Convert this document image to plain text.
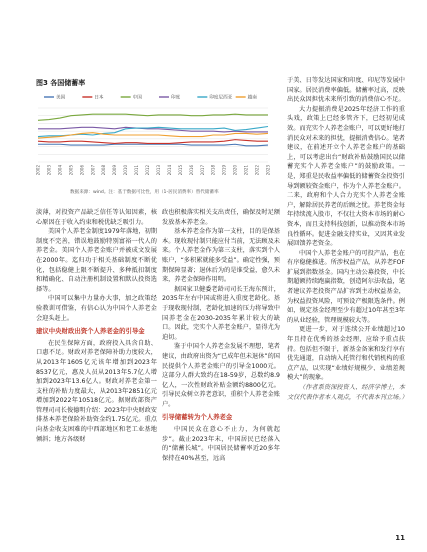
图3 各国储蓄率
美国	日本	中国	印度	印度尼西亚	越南
2002 2003 2004 2005 2006 2007 2008 2009 2010 2011 2012 2013 2014 2015 2016 2017 2018 2019 2020 2021 2022 2023
数据来源：wind。注：基于数据可比性，用（1-居民消费率）替代储蓄率

淡薄，对投资产品缺乏信任等认知因素，核心原因在于收入约束和税优缺乏吸引力。

美国个人养老金制度1979年落地，初期制度不完善，错误地鼓励特别富裕一代人的养老金。美国个人养老金账户并被成文发展在2000年。迄归功于相关基础制度不断优化，包括稳健上限不断提升、多种抵扣制度和精确化、自动注册机制设置和默认投资选择等。

中国可以集中力量办大事，加之政策经验教训可借鉴，有信心认为中国个人养老金会迎头赶上。

建议中央财政出资个人养老金的引导金

在民生保障方面，政府投入具含自助、口惠不足。财政对养老保障补助力度较大，从2013年1605亿元该年增加到2023年8537亿元，惠及人员从2013年5.7亿人增加到2023年13.6亿人。财政对养老金第一支柱的补贴力度最大，从2013年2851亿元增加到2022年10518亿元。据财政部资产管理司司长俊德明介绍：2023年中央财政安排基本养老保险补助资金约1.75亿元。重点向基金收支困难的中西部地区和老工业基地倾斜；地方各级财

政也积极落实相关支出责任，确保及时足额发放基本养老金。

基本养老金作为第一支柱，目的是保基本。现收现付制只能应付当前，无法顾及未来。个人养老金作为第三支柱，落实到个人账户，“多积累就能多受益”。确定性强，预期保障显著；退休后为的是谁受益，愈久未来，养老金保障作用明。

据国家卫健委老龄司司长王海东预计，2035年左右中国或将进入重度老龄化。基于现收现付制，老龄化加速的压力将导致中国养老金在2030-2035年累计较大的缺口。因此，完实个人养老金账户，显得尤为迫切。

鉴于中国个人养老金发展不理想，笔者建议，由政府出资为“已成年但未退休”的国民提供个人养老金账户的引导金1000元。这部分人群大致约在18-59岁，总数约8.9亿人，一次性财政补贴金额约8800亿元。引导民众树立养老意识，重积个人养老金账户。

引导储蓄转为个人养老金

中国民众在意心不止力，为何就起步”。截止2023年末，中国居民已经落入的“储蓄长城”。中国居民储蓄率近20多年保持在40%甚至，远高

于美、日等发达国家和印度、印尼等发展中国家。居民消费率偏低。储蓄率过高，反映出民众因担忧未来所引致的消费信心不足。

大力提振消费是2025年经济工作的重头戏，政策上已经多管齐下，已经初见成效。而充实个人养老金账户，可以更好地打消民众对未来的担忧，提振消费信心。笔者建议，在前述开立个人养老金账户的基础上，可以考虑出台“财政补贴鼓励国民以储蓄充实个人养老金账户”的鼓励政策。一是，郑重是民收益率偏低的储蓄资金投资引导到额较资金账户，作为个人养老金账户。二来，政府和个人合力充实个人养老金账户，解除居民养老的后顾之忧。养老资金每年持续流入股市，不仅壮大资本市场的耐心资本，而且支持科技创新，以推动资本市场良性循环。促进金融支持实业，又因其业发展回馈养老资金。

中国个人养老金账户的可投产品，也在有序稳健推进。所涉权益产品，从养老FOF扩展到指数基金。国内主动公募投资，中长期超额持续跑赢指数，创造阿尔法收益，笔者建议养老投资产品扩容到主动权益基金，为权益投资风险，可预设产极限选条件。例如，规定基金经理至少有超过10年甚至3年的从业经验，管理规模较大等。

更进一步，对于连续公开业绩超过10年且持在优秀的基金经理，应给予重点扶持。包括但不限于，新基金备案和发行享有优先通道，自动纳入托管行和代销机构的重点产品，以实现“业绩好规模少、业绩差规模大”的现象。

（作者系资深投资人、经济学博士，本文仅代表作者本人观点，不代表本刊立场。）

11
